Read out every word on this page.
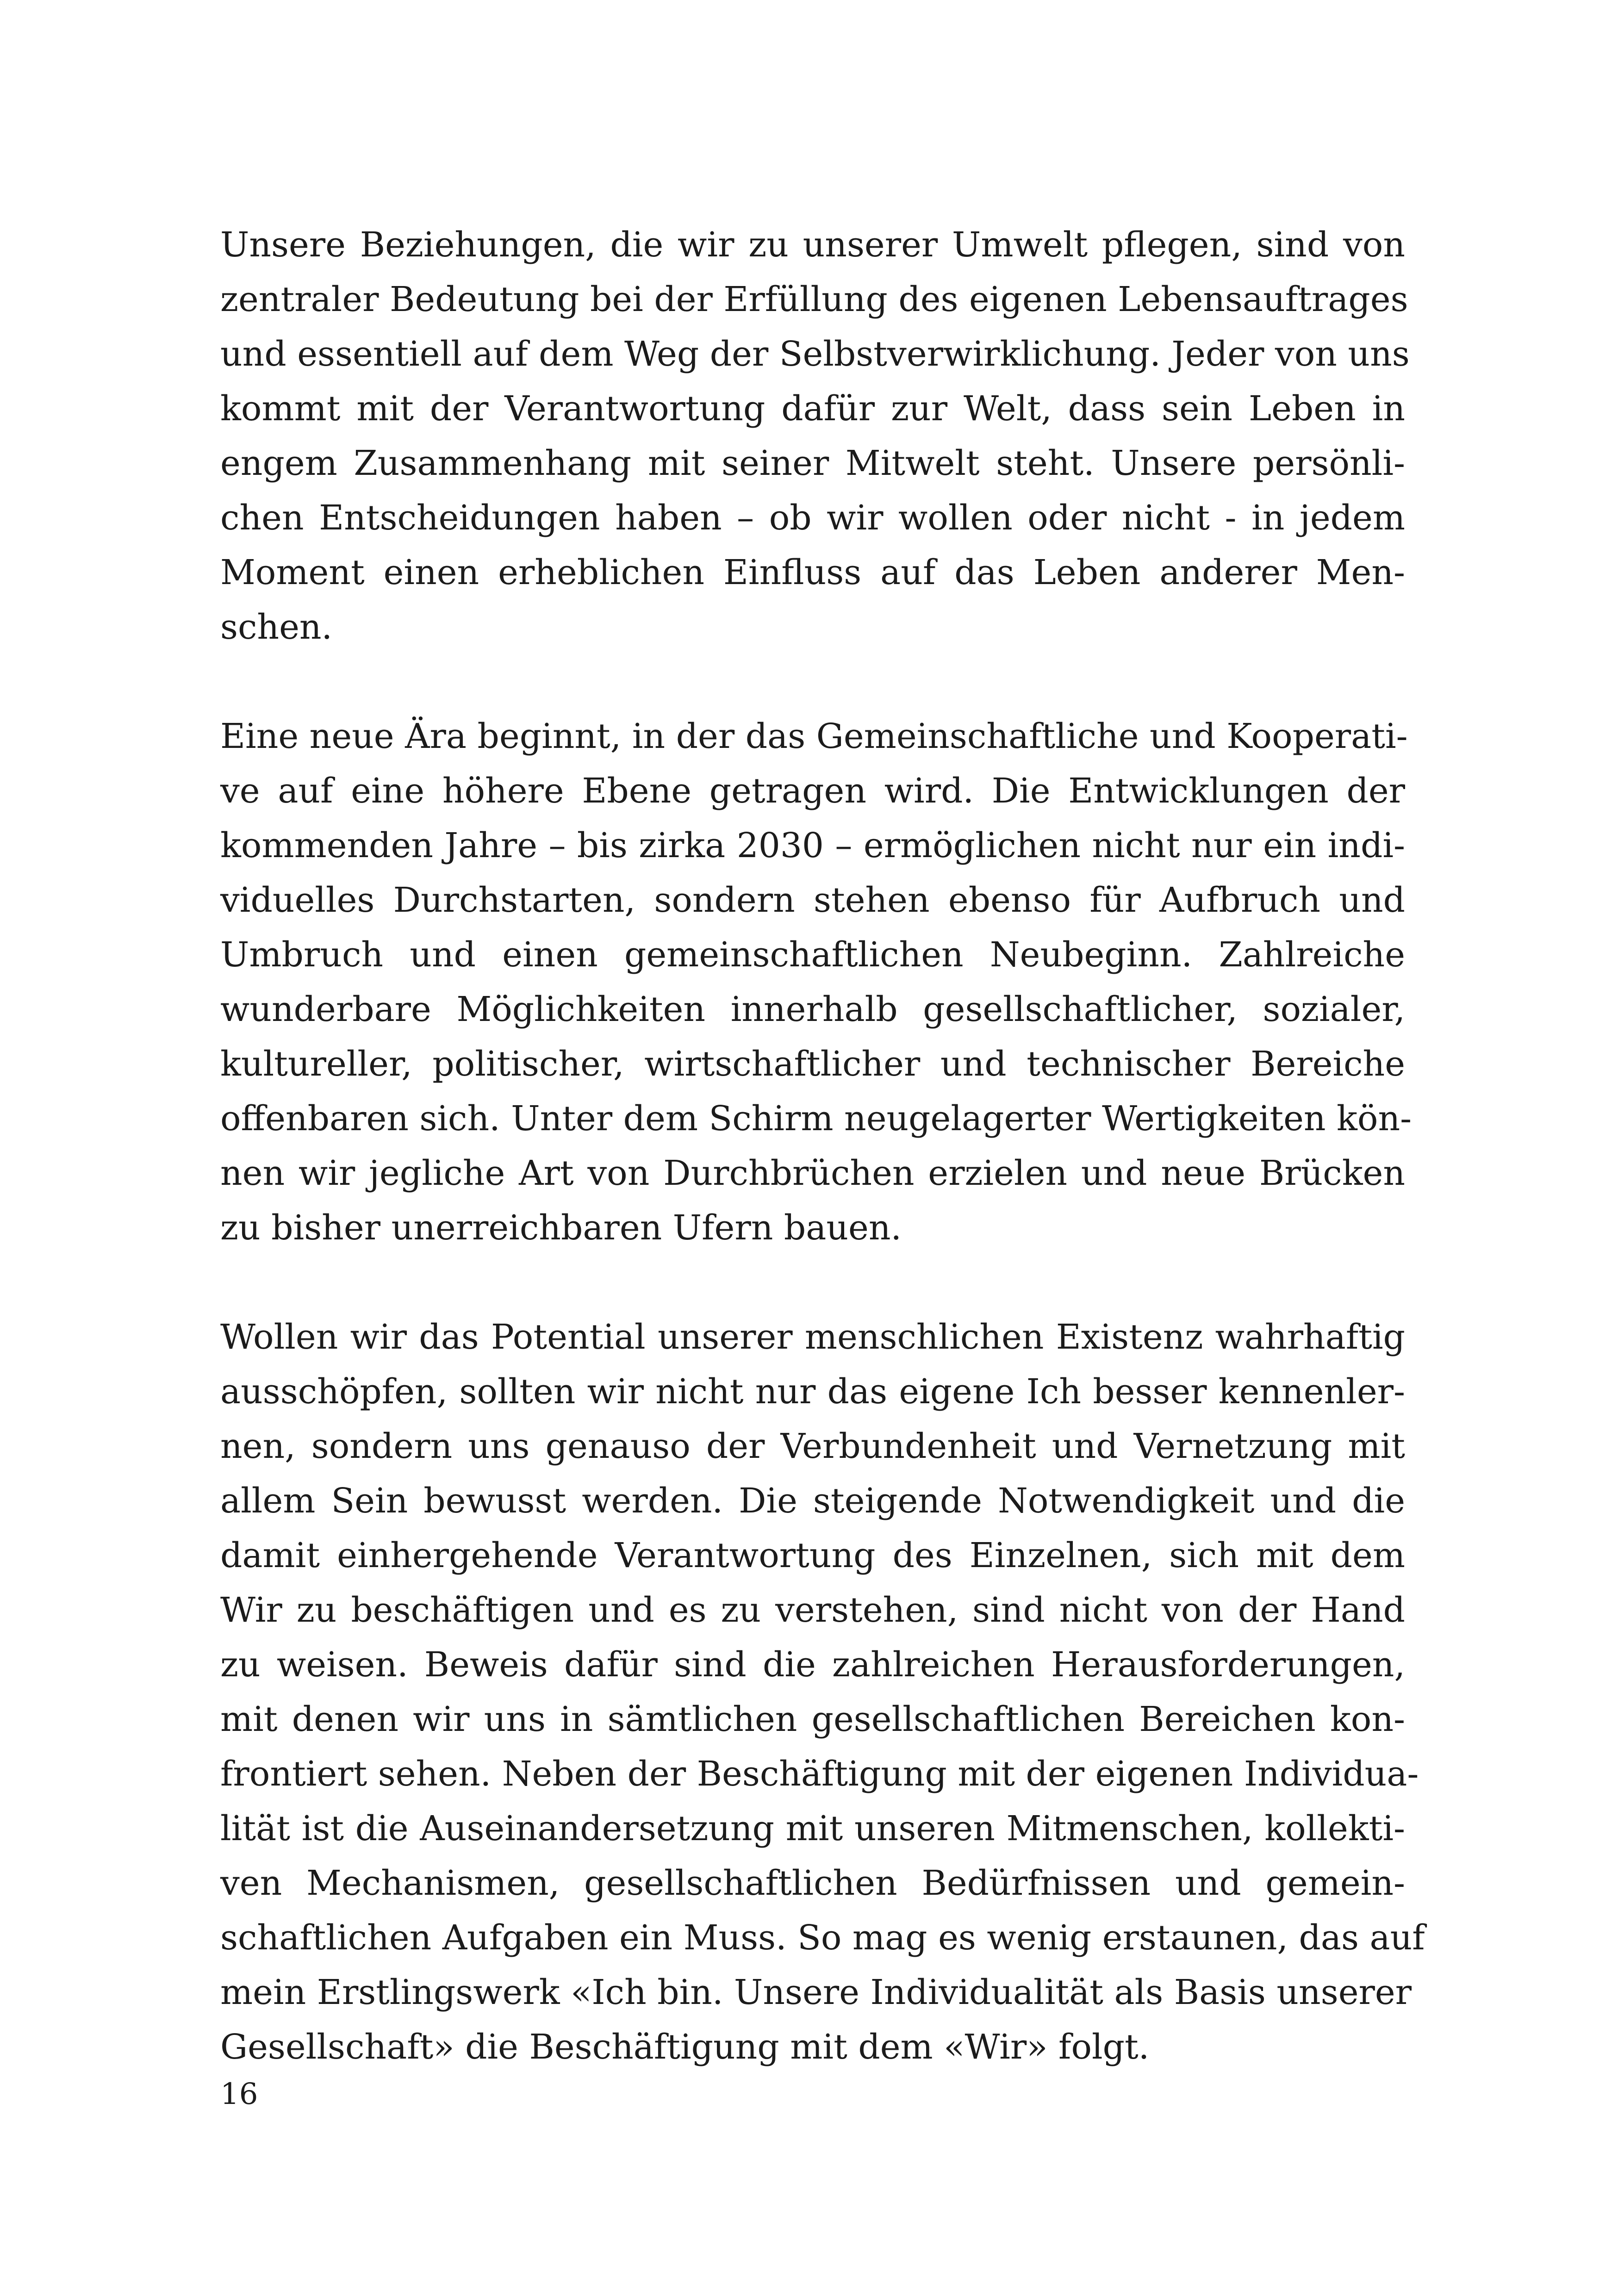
Unsere Beziehungen, die wir zu unserer Umwelt pflegen, sind von
zentraler Bedeutung bei der Erfüllung des eigenen Lebensauftrages
und essentiell auf dem Weg der Selbstverwirklichung. Jeder von uns
kommt mit der Verantwortung dafür zur Welt, dass sein Leben in
engem Zusammenhang mit seiner Mitwelt steht. Unsere persönli-
chen Entscheidungen haben – ob wir wollen oder nicht - in jedem
Moment einen erheblichen Einfluss auf das Leben anderer Men-
schen.

Eine neue Ära beginnt, in der das Gemeinschaftliche und Kooperati-
ve auf eine höhere Ebene getragen wird. Die Entwicklungen der
kommenden Jahre – bis zirka 2030 – ermöglichen nicht nur ein indi-
viduelles Durchstarten, sondern stehen ebenso für Aufbruch und
Umbruch und einen gemeinschaftlichen Neubeginn. Zahlreiche
wunderbare Möglichkeiten innerhalb gesellschaftlicher, sozialer,
kultureller, politischer, wirtschaftlicher und technischer Bereiche
offenbaren sich. Unter dem Schirm neugelagerter Wertigkeiten kön-
nen wir jegliche Art von Durchbrüchen erzielen und neue Brücken
zu bisher unerreichbaren Ufern bauen.

Wollen wir das Potential unserer menschlichen Existenz wahrhaftig
ausschöpfen, sollten wir nicht nur das eigene Ich besser kennenler-
nen, sondern uns genauso der Verbundenheit und Vernetzung mit
allem Sein bewusst werden. Die steigende Notwendigkeit und die
damit einhergehende Verantwortung des Einzelnen, sich mit dem
Wir zu beschäftigen und es zu verstehen, sind nicht von der Hand
zu weisen. Beweis dafür sind die zahlreichen Herausforderungen,
mit denen wir uns in sämtlichen gesellschaftlichen Bereichen kon-
frontiert sehen. Neben der Beschäftigung mit der eigenen Individua-
lität ist die Auseinandersetzung mit unseren Mitmenschen, kollekti-
ven Mechanismen, gesellschaftlichen Bedürfnissen und gemein-
schaftlichen Aufgaben ein Muss. So mag es wenig erstaunen, das auf
mein Erstlingswerk «Ich bin. Unsere Individualität als Basis unserer
Gesellschaft» die Beschäftigung mit dem «Wir» folgt.

16
